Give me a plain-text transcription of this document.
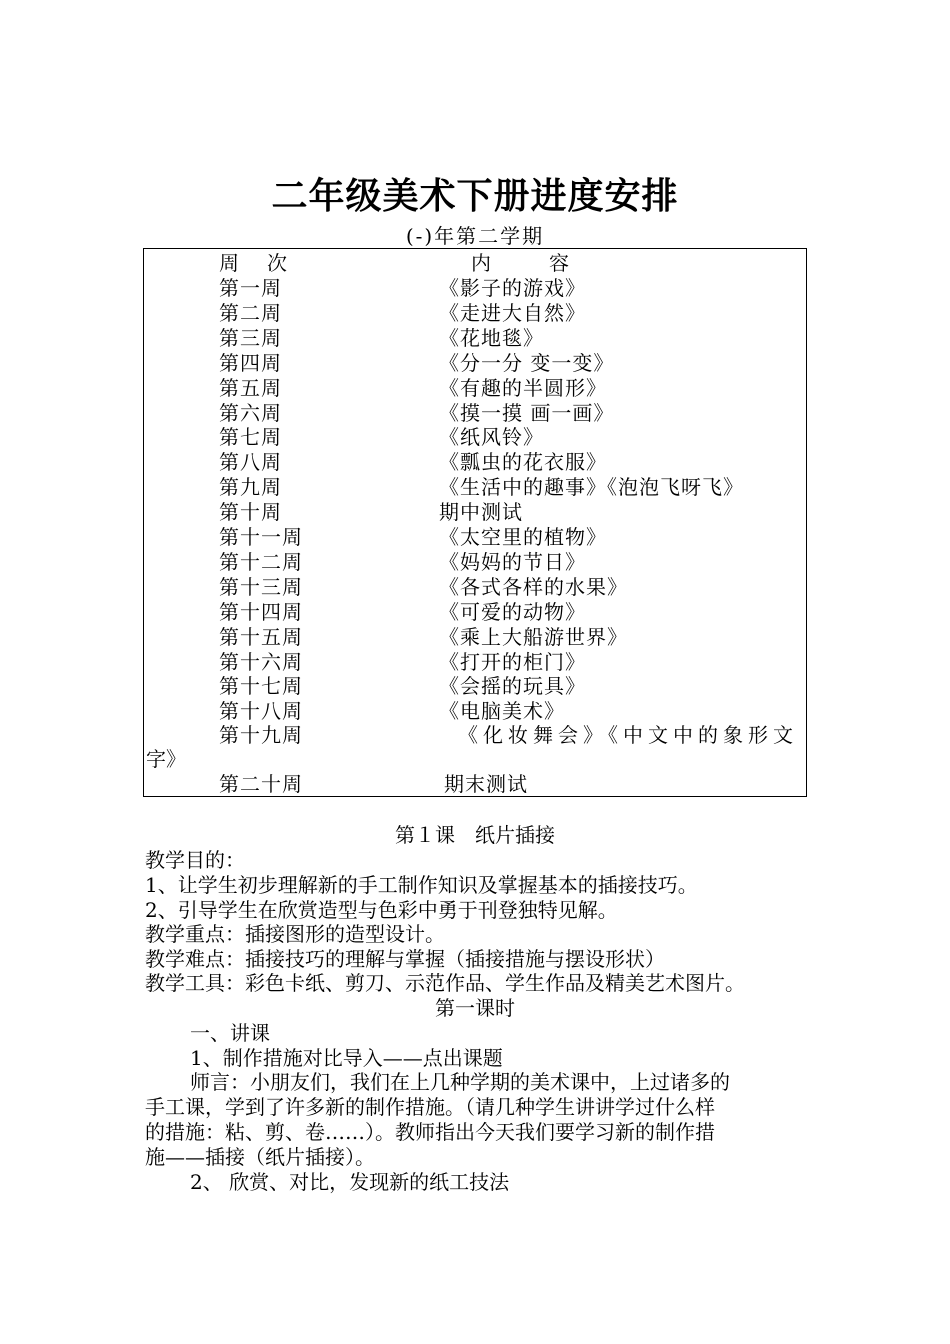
二年级美术下册进度安排
(-)年第二学期
周　次	内　　容
第一周	《影子的游戏》
第二周	《走进大自然》
第三周	《花地毯》
第四周	《分一分 变一变》
第五周	《有趣的半圆形》
第六周	《摸一摸 画一画》
第七周	《纸风铃》
第八周	《瓢虫的花衣服》
第九周	《生活中的趣事》《泡泡飞呀飞》
第十周	期中测试
第十一周	《太空里的植物》
第十二周	《妈妈的节日》
第十三周	《各式各样的水果》
第十四周	《可爱的动物》
第十五周	《乘上大船游世界》
第十六周	《打开的柜门》
第十七周	《会摇的玩具》
第十八周	《电脑美术》
第十九周	《化妆舞会》《中文中的象形文
字》
第二十周	期末测试
第１课　纸片插接
教学目的：
1、让学生初步理解新的手工制作知识及掌握基本的插接技巧。
2、引导学生在欣赏造型与色彩中勇于刊登独特见解。
教学重点：插接图形的造型设计。
教学难点：插接技巧的理解与掌握（插接措施与摆设形状）
教学工具：彩色卡纸、剪刀、示范作品、学生作品及精美艺术图片。
第一课时
一、讲课
1、制作措施对比导入——点出课题
师言：小朋友们，我们在上几种学期的美术课中，上过诸多的
手工课，学到了许多新的制作措施。（请几种学生讲讲学过什么样
的措施：粘、剪、卷……）。教师指出今天我们要学习新的制作措
施——插接（纸片插接）。
2、 欣赏、对比，发现新的纸工技法
